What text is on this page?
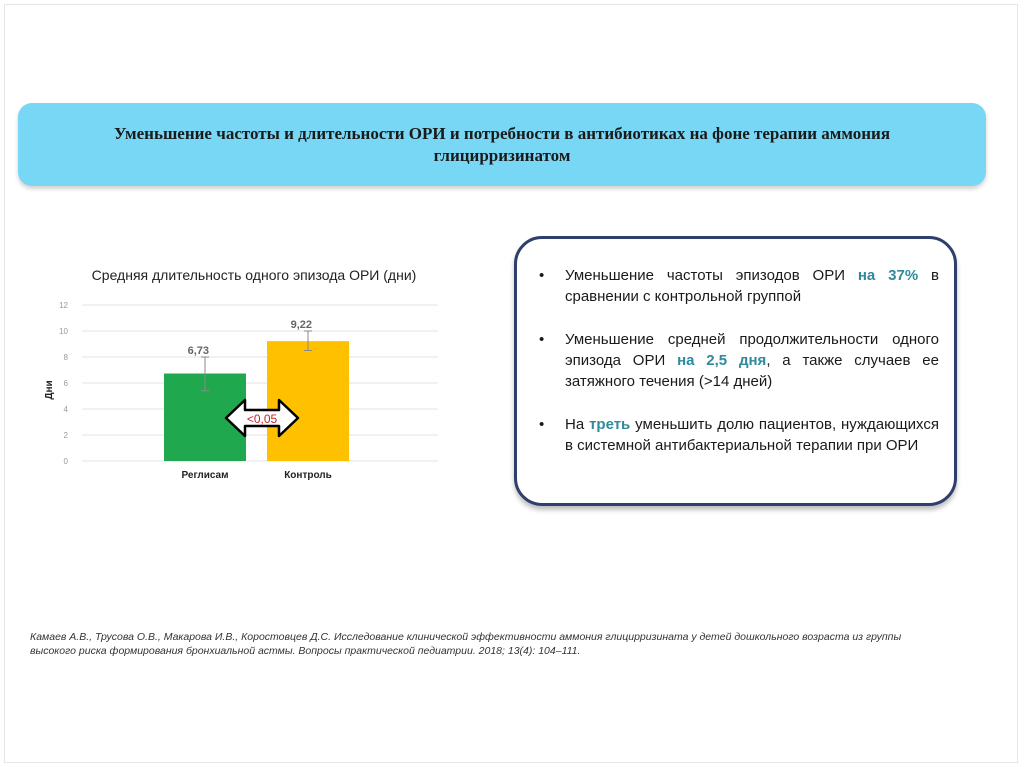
Уменьшение частоты и длительности ОРИ и потребности в антибиотиках на фоне терапии аммония глицирризинатом
Средняя длительность одного эпизода ОРИ (дни)
Дни
0
2
4
6
8
10
12
6,73
Реглисам
9,22
Контроль
<0,05
• Уменьшение частоты эпизодов ОРИ на 37% в сравнении с контрольной группой
• Уменьшение средней продолжительности одного эпизода ОРИ на 2,5 дня, а также случаев ее затяжного течения (>14 дней)
• На треть уменьшить долю пациентов, нуждающихся в системной антибактериальной терапии при ОРИ
Камаев А.В., Трусова О.В., Макарова И.В., Коростовцев Д.С. Исследование клинической эффективности аммония глицирризината у детей дошкольного возраста из группы высокого риска формирования бронхиальной астмы. Вопросы практической педиатрии. 2018; 13(4): 104–111.
